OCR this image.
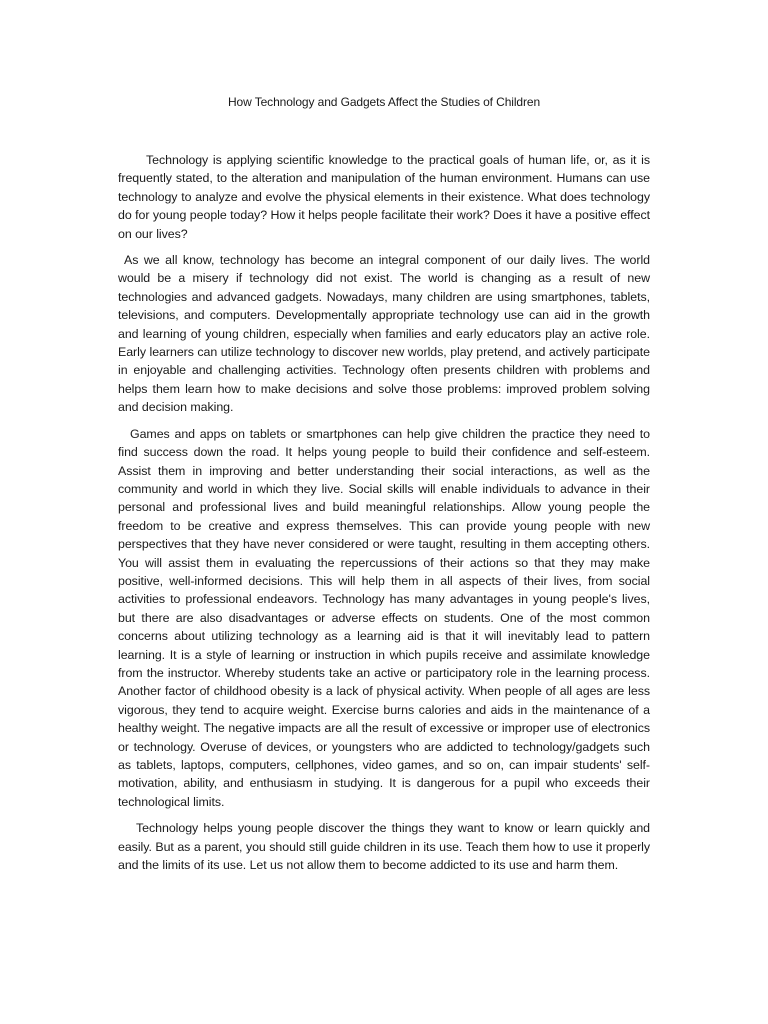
How Technology and Gadgets Affect the Studies of Children

Technology is applying scientific knowledge to the practical goals of human life, or, as it is frequently stated, to the alteration and manipulation of the human environment. Humans can use technology to analyze and evolve the physical elements in their existence. What does technology do for young people today? How it helps people facilitate their work? Does it have a positive effect on our lives?

As we all know, technology has become an integral component of our daily lives. The world would be a misery if technology did not exist. The world is changing as a result of new technologies and advanced gadgets. Nowadays, many children are using smartphones, tablets, televisions, and computers. Developmentally appropriate technology use can aid in the growth and learning of young children, especially when families and early educators play an active role. Early learners can utilize technology to discover new worlds, play pretend, and actively participate in enjoyable and challenging activities. Technology often presents children with problems and helps them learn how to make decisions and solve those problems: improved problem solving and decision making.

Games and apps on tablets or smartphones can help give children the practice they need to find success down the road. It helps young people to build their confidence and self-esteem. Assist them in improving and better understanding their social interactions, as well as the community and world in which they live. Social skills will enable individuals to advance in their personal and professional lives and build meaningful relationships. Allow young people the freedom to be creative and express themselves. This can provide young people with new perspectives that they have never considered or were taught, resulting in them accepting others. You will assist them in evaluating the repercussions of their actions so that they may make positive, well-informed decisions. This will help them in all aspects of their lives, from social activities to professional endeavors. Technology has many advantages in young people's lives, but there are also disadvantages or adverse effects on students. One of the most common concerns about utilizing technology as a learning aid is that it will inevitably lead to pattern learning. It is a style of learning or instruction in which pupils receive and assimilate knowledge from the instructor. Whereby students take an active or participatory role in the learning process. Another factor of childhood obesity is a lack of physical activity. When people of all ages are less vigorous, they tend to acquire weight. Exercise burns calories and aids in the maintenance of a healthy weight. The negative impacts are all the result of excessive or improper use of electronics or technology. Overuse of devices, or youngsters who are addicted to technology/gadgets such as tablets, laptops, computers, cellphones, video games, and so on, can impair students' self-motivation, ability, and enthusiasm in studying. It is dangerous for a pupil who exceeds their technological limits.

Technology helps young people discover the things they want to know or learn quickly and easily. But as a parent, you should still guide children in its use. Teach them how to use it properly and the limits of its use. Let us not allow them to become addicted to its use and harm them.
